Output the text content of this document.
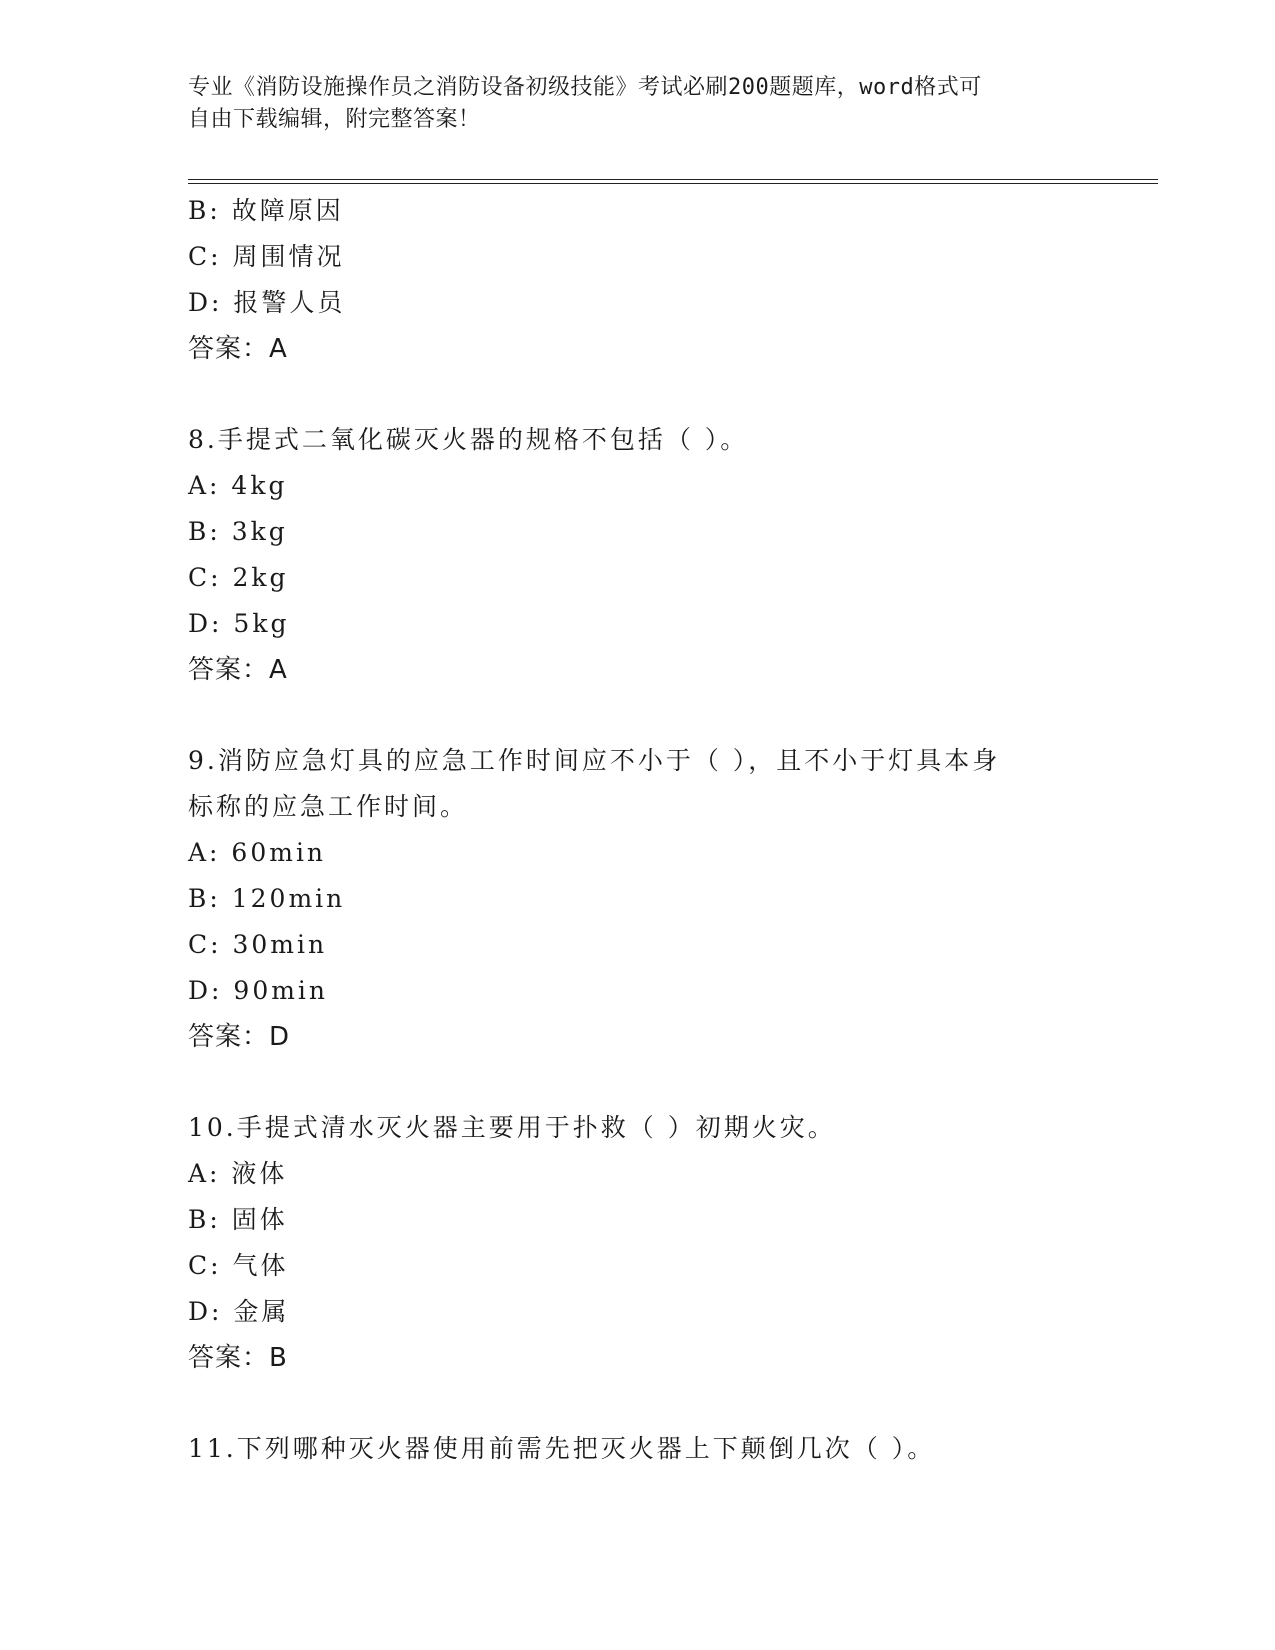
专业《消防设施操作员之消防设备初级技能》考试必刷200题题库，word格式可
自由下载编辑，附完整答案！
B: 故障原因
C: 周围情况
D: 报警人员
答案：A
8.手提式二氧化碳灭火器的规格不包括（ ）。
A: 4kg
B: 3kg
C: 2kg
D: 5kg
答案：A
9.消防应急灯具的应急工作时间应不小于（ ），且不小于灯具本身
标称的应急工作时间。
A: 60min
B: 120min
C: 30min
D: 90min
答案：D
10.手提式清水灭火器主要用于扑救（ ）初期火灾。
A: 液体
B: 固体
C: 气体
D: 金属
答案：B
11.下列哪种灭火器使用前需先把灭火器上下颠倒几次（ ）。
